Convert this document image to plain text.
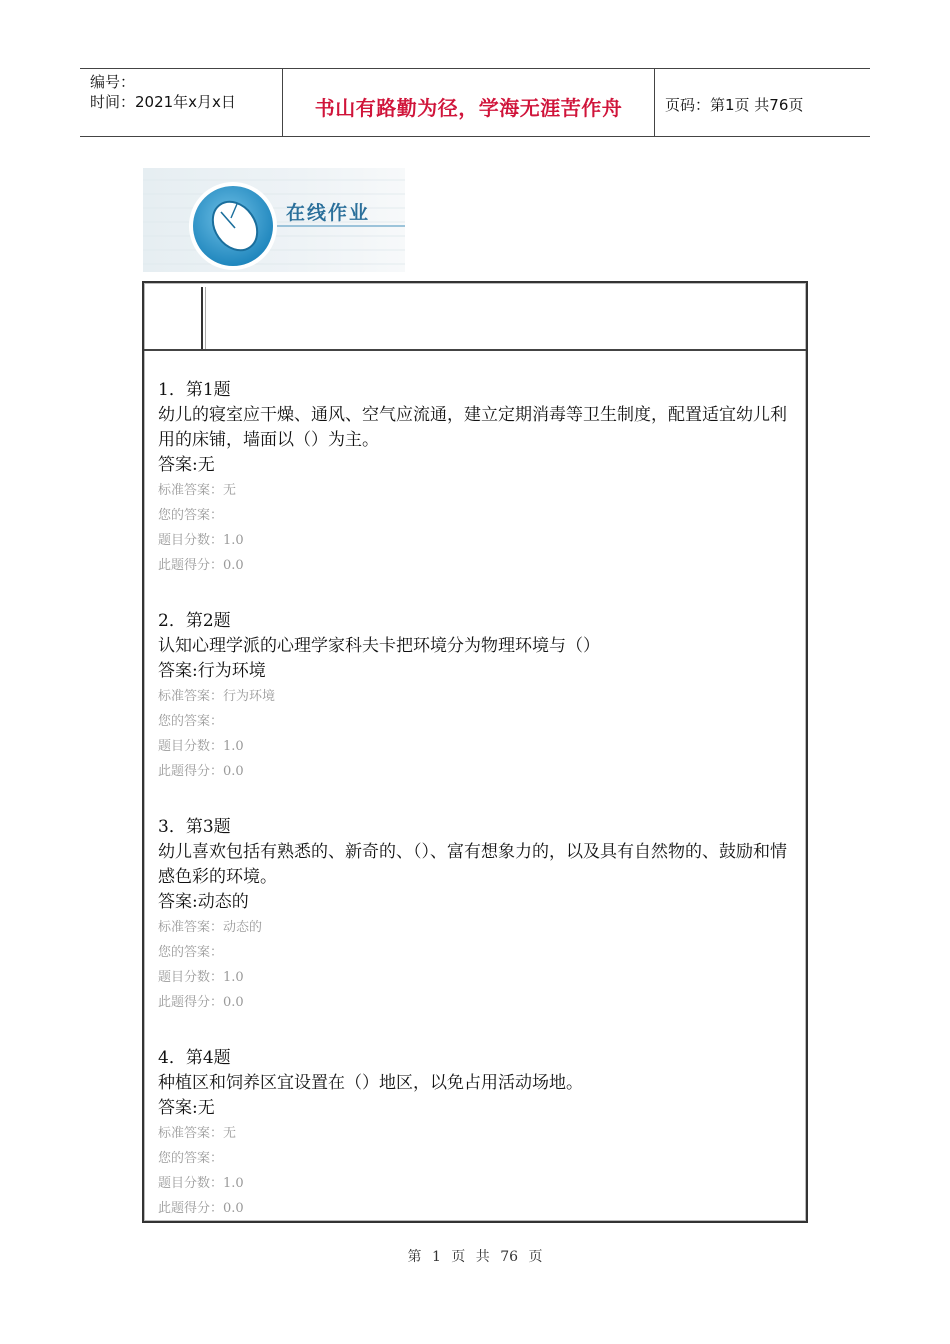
编号：
时间：2021年x月x日	书山有路勤为径，学海无涯苦作舟	页码：第1页 共76页
在线作业
1．第1题
幼儿的寝室应干燥、通风、空气应流通，建立定期消毒等卫生制度，配置适宜幼儿利用的床铺，墙面以（）为主。
答案:无
标准答案：无
您的答案：
题目分数：1.0
此题得分：0.0
2．第2题
认知心理学派的心理学家科夫卡把环境分为物理环境与（）
答案:行为环境
标准答案：行为环境
您的答案：
题目分数：1.0
此题得分：0.0
3．第3题
幼儿喜欢包括有熟悉的、新奇的、（）、富有想象力的，以及具有自然物的、鼓励和情感色彩的环境。
答案:动态的
标准答案：动态的
您的答案：
题目分数：1.0
此题得分：0.0
4．第4题
种植区和饲养区宜设置在（）地区，以免占用活动场地。
答案:无
标准答案：无
您的答案：
题目分数：1.0
此题得分：0.0
第 1 页 共 76 页
